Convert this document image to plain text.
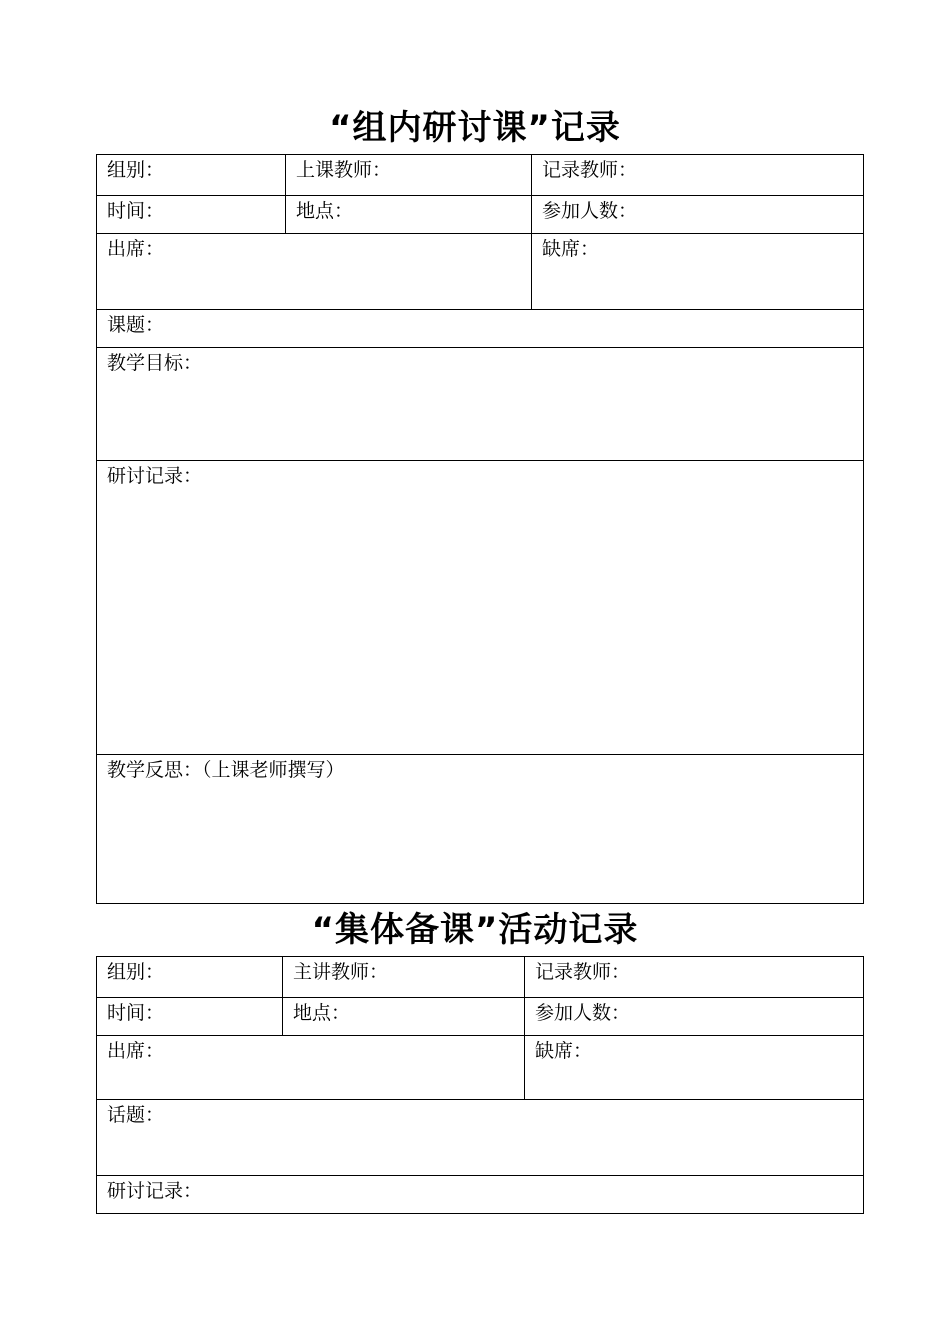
“组内研讨课”记录
组别：	上课教师：	记录教师：
时间：	地点：	参加人数：
出席：		缺席：
课题：		
教学目标：		
研讨记录：		
教学反思：（上课老师撰写）		
“集体备课”活动记录
组别：	主讲教师：	记录教师：
时间：	地点：	参加人数：
出席：		缺席：
话题：		
研讨记录：		
